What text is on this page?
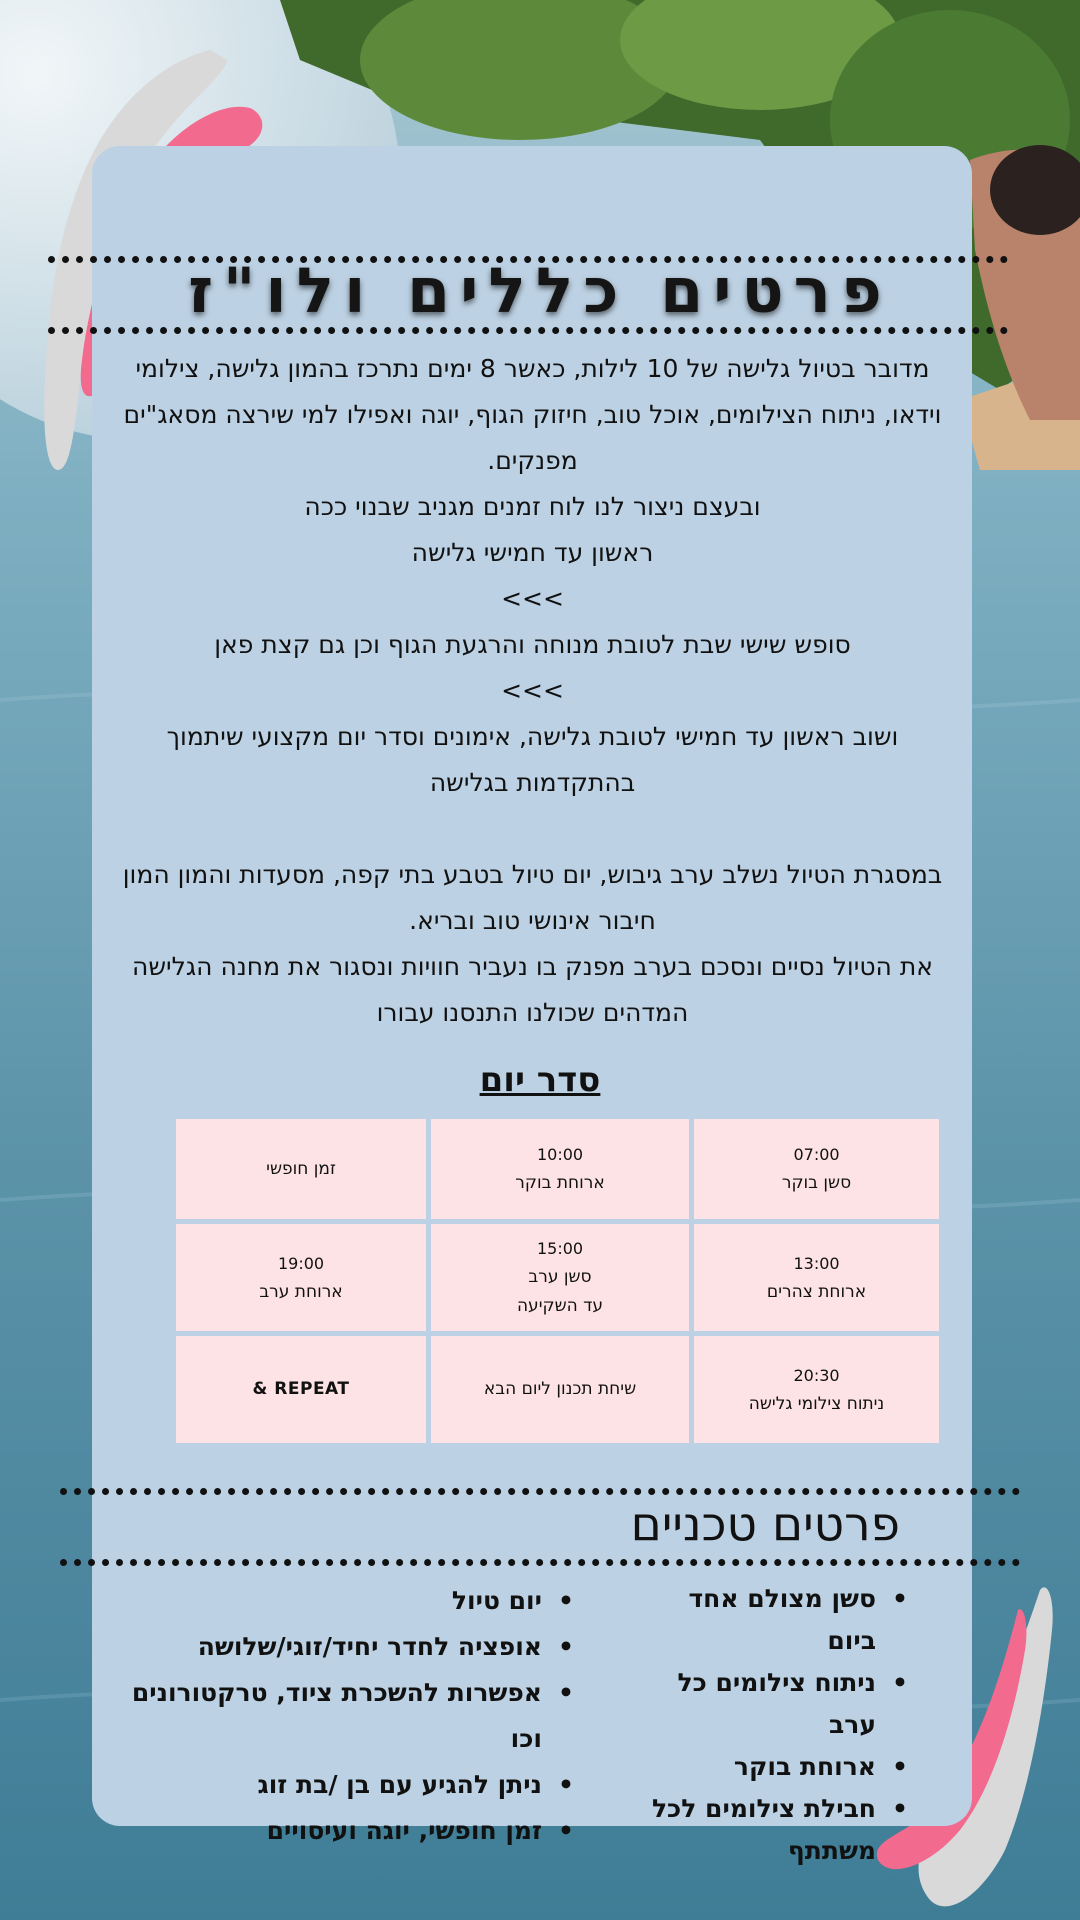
פרטים כללים ולו"ז

מדובר בטיול גלישה של 10 לילות, כאשר 8 ימים נתרכז בהמון גלישה, צילומי וידאו, ניתוח הצילומים, אוכל טוב, חיזוק הגוף, יוגה ואפילו למי שירצה מסאג"ים מפנקים.

ובעצם ניצור לנו לוח זמנים מגניב שבנוי ככה

ראשון עד חמישי גלישה

>>>

סופש שישי שבת לטובת מנוחה והרגעת הגוף וכן גם קצת פאן

>>>

ושוב ראשון עד חמישי לטובת גלישה, אימונים וסדר יום מקצועי שיתמוך בהתקדמות בגלישה

במסגרת הטיול נשלב ערב גיבוש, יום טיול בטבע בתי קפה, מסעדות והמון המון חיבור אינושי טוב ובריא.

את הטיול נסיים ונסכם בערב מפנק בו נעביר חוויות ונסגור את מחנה הגלישה המדהים שכולנו התנסנו עבורו

סדר יום
07:00
סשן בוקר
10:00
ארוחת בוקר
זמן חופשי
13:00
ארוחת צהרים
15:00
סשן ערב
עד השקיעה
19:00
ארוחת ערב
20:30
ניתוח צילומי גלישה
שיחת תכנון ליום הבא
& REPEAT
פרטים טכניים
• סשן מצולם אחד ביום
• ניתוח צילומים כל ערב
• ארוחת בוקר
• חבילת צילומים לכל משתתף
• יום טיול
• אופציה לחדר יחיד/זוגי/שלושה
• אפשרות להשכרת ציוד, טרקטורונים וכו
• ניתן להגיע עם בן /בת זוג
• זמן חופשי, יוגה ועיסויים
